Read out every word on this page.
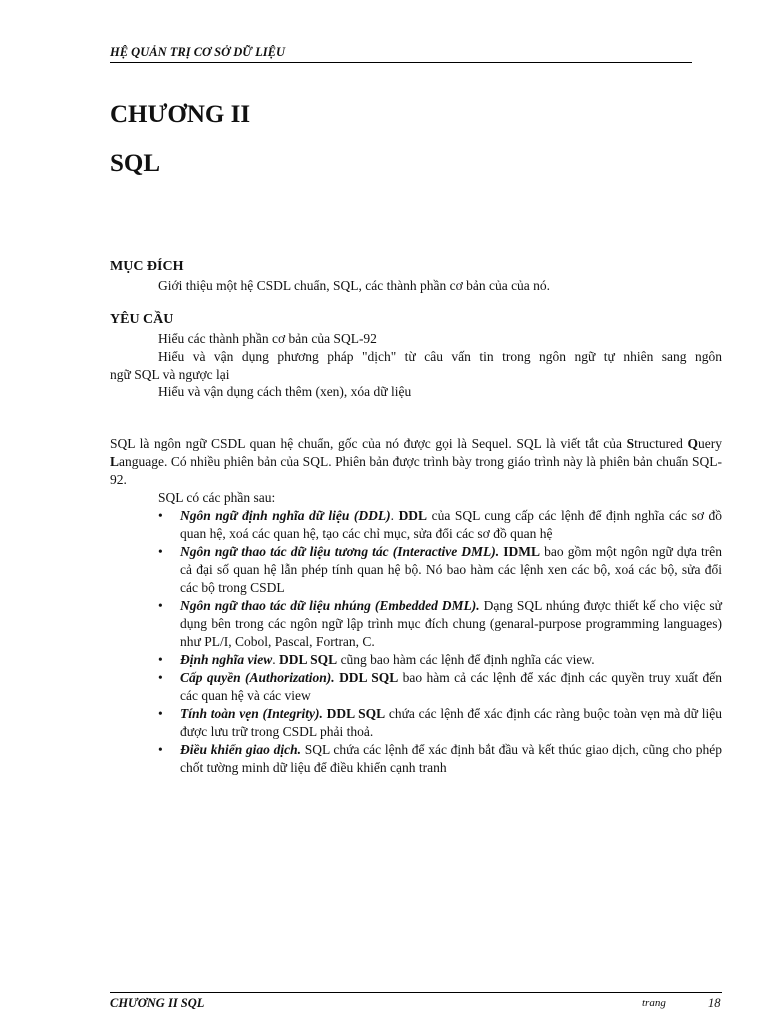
HỆ QUẢN TRỊ CƠ SỞ DỮ LIỆU
CHƯƠNG II
SQL
MỤC ĐÍCH
Giới thiệu một hệ CSDL chuẩn, SQL, các thành phần cơ bản của của nó.
YÊU CẦU
Hiểu các thành phần cơ bản của SQL-92
Hiểu và vận dụng phương pháp "dịch" từ câu vấn tin trong ngôn ngữ tự nhiên sang ngôn
ngữ SQL và ngược lại
Hiểu và vận dụng cách thêm (xen), xóa dữ liệu
SQL là ngôn ngữ CSDL quan hệ chuẩn, gốc của nó được gọi là Sequel. SQL là viết tắt của Structured Query Language. Có nhiều phiên bản của SQL. Phiên bản được trình bày trong giáo trình này là phiên bản chuẩn SQL-92.
SQL có các phần sau:
• Ngôn ngữ định nghĩa dữ liệu (DDL). DDL của SQL cung cấp các lệnh để định nghĩa các sơ đồ quan hệ, xoá các quan hệ, tạo các chỉ mục, sửa đổi các sơ đồ quan hệ
• Ngôn ngữ thao tác dữ liệu tương tác (Interactive DML). IDML bao gồm một ngôn ngữ dựa trên cả đại số quan hệ lẫn phép tính quan hệ bộ. Nó bao hàm các lệnh xen các bộ, xoá các bộ, sửa đổi các bộ trong CSDL
• Ngôn ngữ thao tác dữ liệu nhúng (Embedded DML). Dạng SQL nhúng được thiết kế cho việc sử dụng bên trong các ngôn ngữ lập trình mục đích chung (genaral-purpose programming languages) như PL/I, Cobol, Pascal, Fortran, C.
• Định nghĩa view. DDL SQL cũng bao hàm các lệnh để định nghĩa các view.
• Cấp quyền (Authorization). DDL SQL bao hàm cả các lệnh để xác định các quyền truy xuất đến các quan hệ và các view
• Tính toàn vẹn (Integrity). DDL SQL chứa các lệnh để xác định các ràng buộc toàn vẹn mà dữ liệu được lưu trữ trong CSDL phải thoả.
• Điều khiển giao dịch. SQL chứa các lệnh để xác định bắt đầu và kết thúc giao dịch, cũng cho phép chốt tường minh dữ liệu để điều khiển cạnh tranh
CHƯƠNG II SQL	trang	18
